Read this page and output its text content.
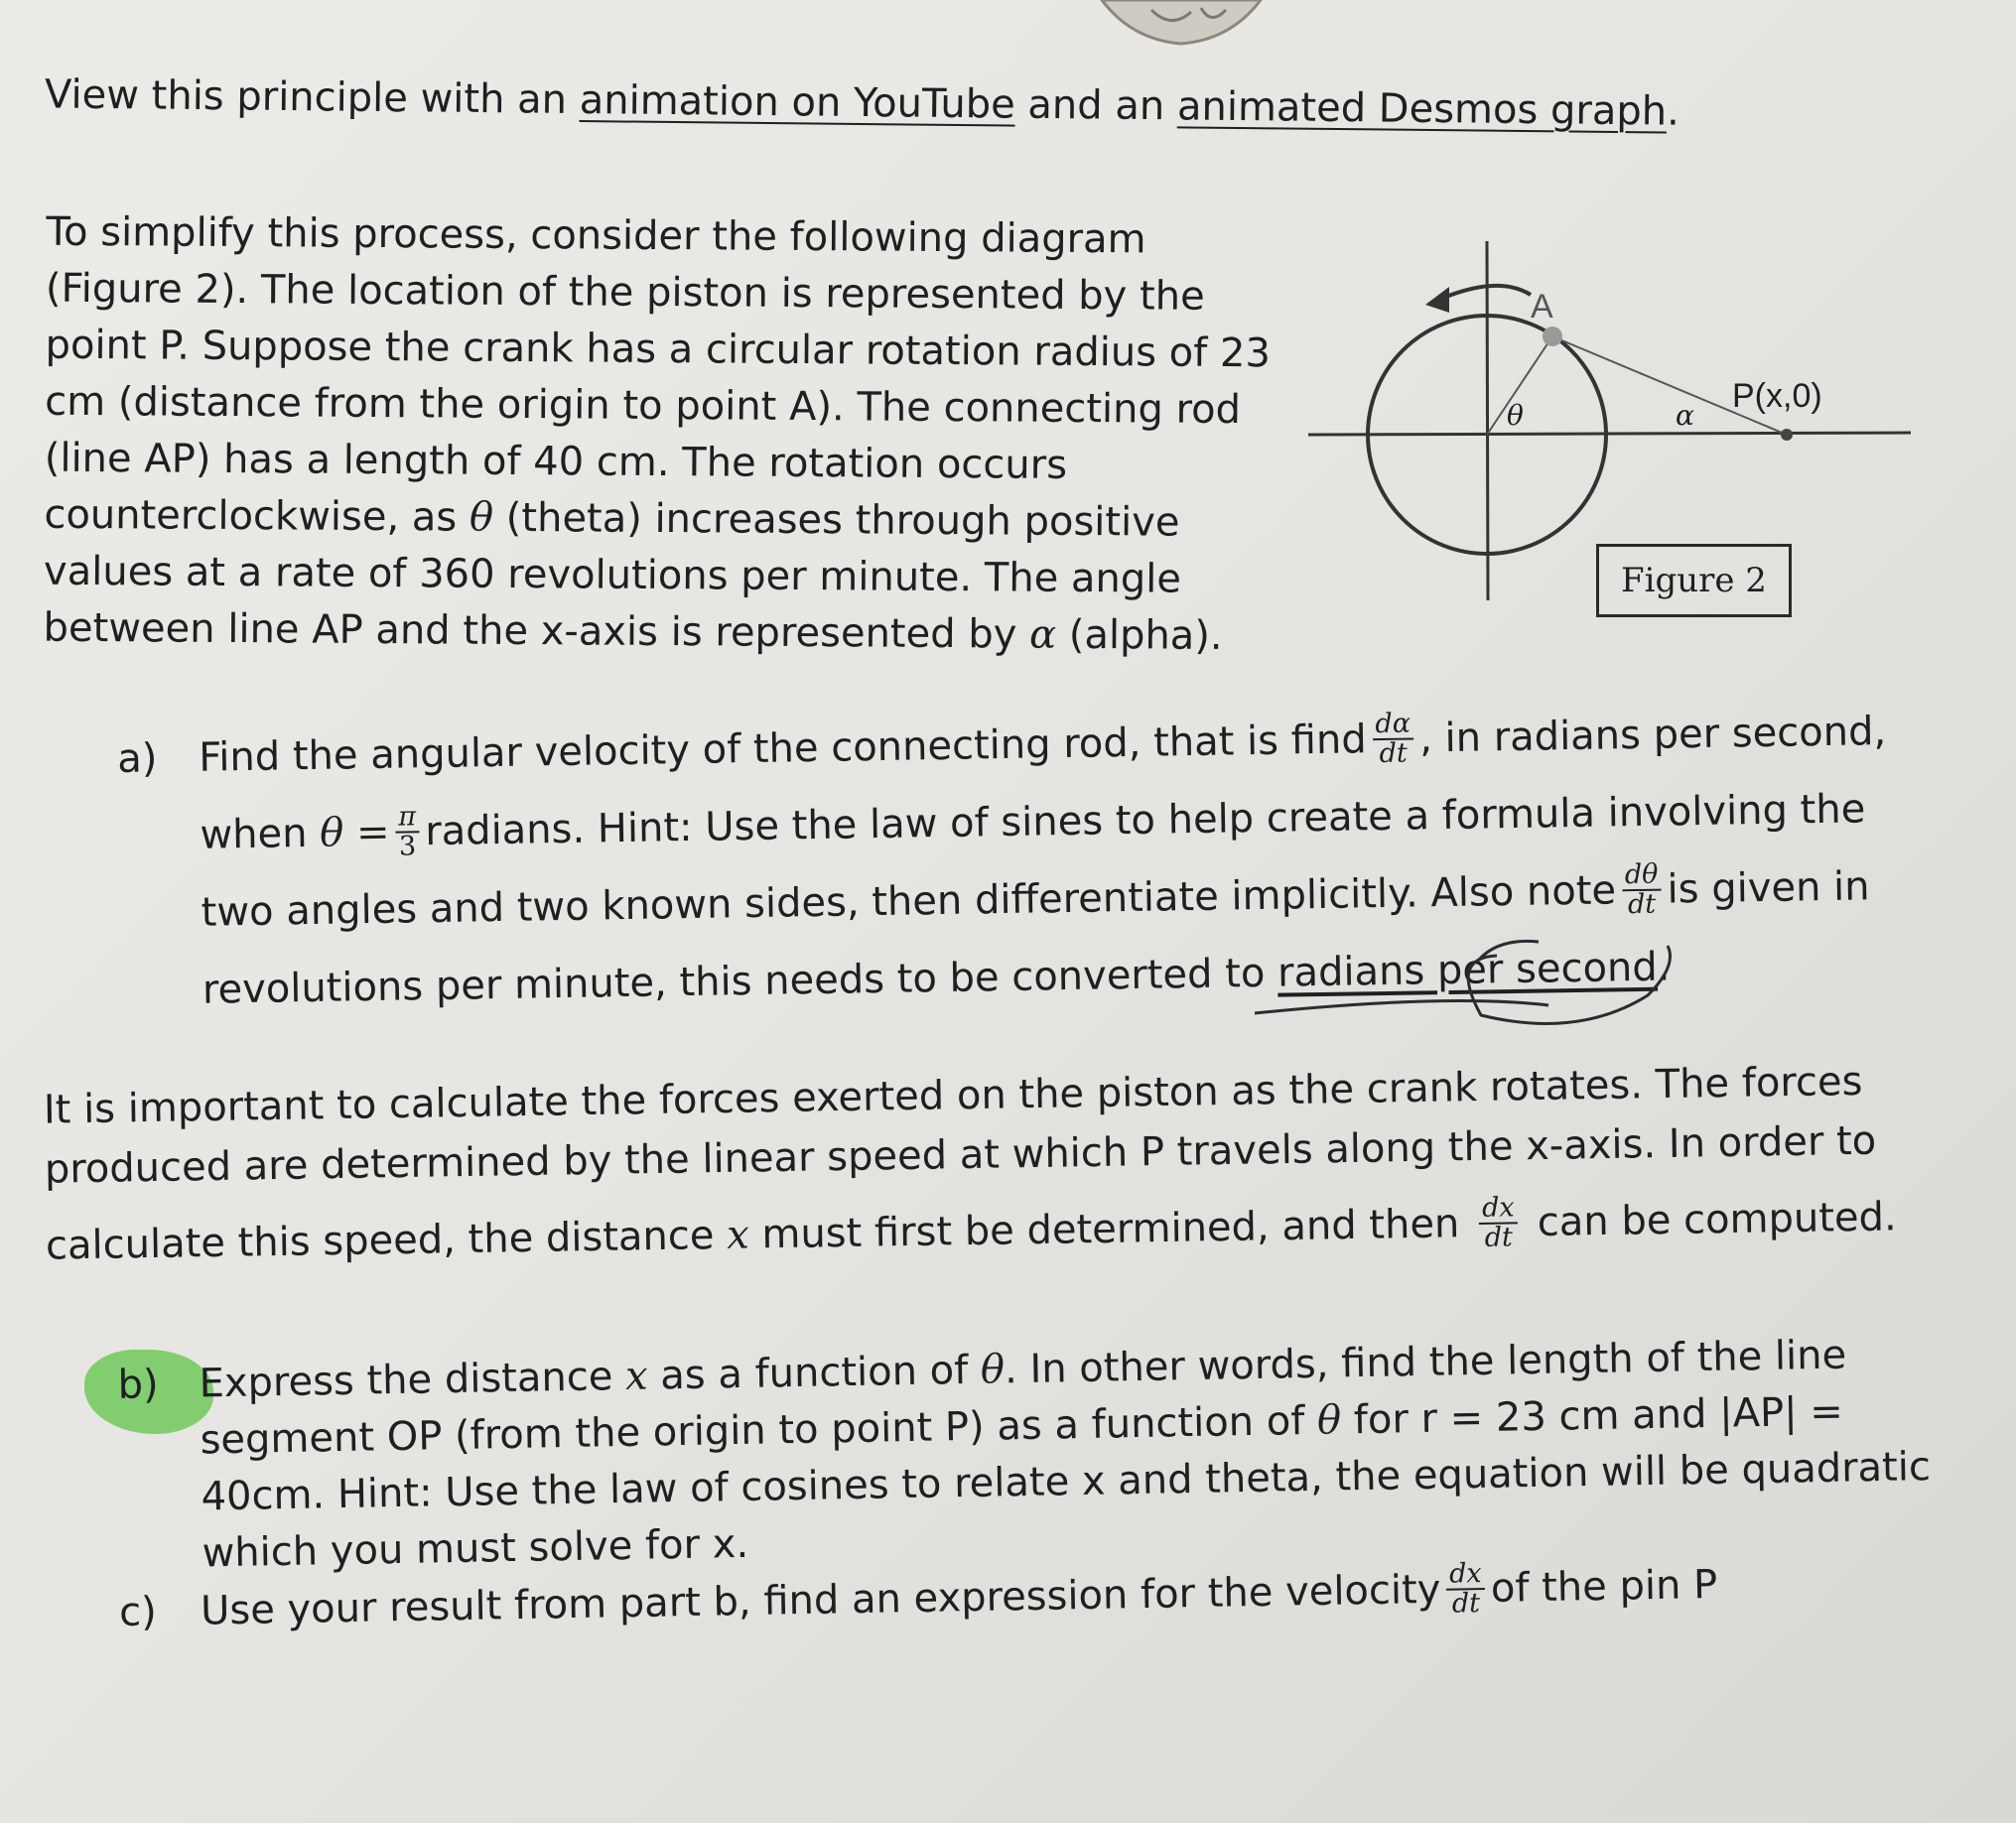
View this principle with an animation on YouTube and an animated Desmos graph.
To simplify this process, consider the following diagram
(Figure 2). The location of the piston is represented by the
point P. Suppose the crank has a circular rotation radius of 23
cm (distance from the origin to point A). The connecting rod
(line AP) has a length of 40 cm. The rotation occurs
counterclockwise, as θ (theta) increases through positive
values at a rate of 360 revolutions per minute. The angle
between line AP and the x-axis is represented by α (alpha).
A
P(x,0)
θ	α
Figure 2
a)	Find the angular velocity of the connecting rod, that is find $\frac{d\alpha}{dt}$ , in radians per second,
when
$\theta = \frac{\pi}{3}$ radians. Hint: Use the law of sines to help create a formula involving the
two angles and two known sides, then differentiate implicitly. Also note $\frac{d\theta}{dt}$ is given in
revolutions per minute, this needs to be converted to
radians per second .
It is important to calculate the forces exerted on the piston as the crank rotates. The forces
produced are determined by the linear speed at which P travels along the x-axis. In order to
calculate this speed, the distance
x
must first be determined, and then $\frac{dx}{dt}$ can be computed.
b) Express the distance x as a function of θ. In other words, find the length of the line
segment OP (from the origin to point P) as a function of θ for r = 23 cm and |AP| =
40cm. Hint: Use the law of cosines to relate x and theta, the equation will be quadratic
which you must solve for x.
c)	Use your result from part b, find an expression for the velocity $\frac{dx}{dt}$ of the pin P
